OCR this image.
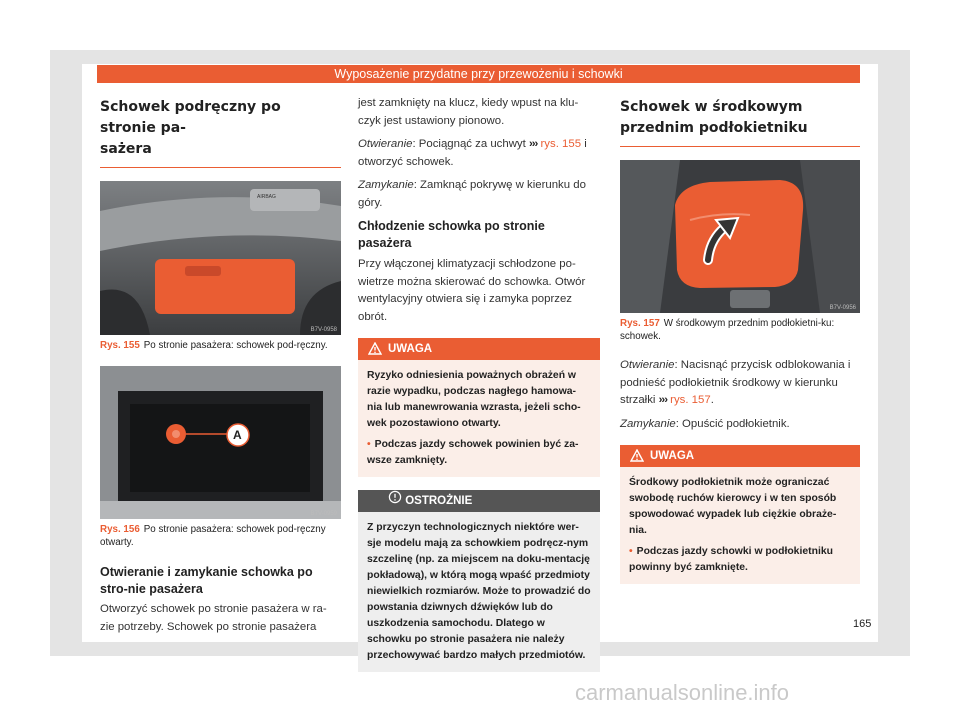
Wyposażenie przydatne przy przewożeniu i schowki
Schowek podręczny po stronie pa-
sażera
AIRBAG
B7V-0958
Rys. 155 Po stronie pasażera: schowek pod-ręczny.
A
B7V-0959
Rys. 156 Po stronie pasażera: schowek pod-ręczny otwarty.
Otwieranie i zamykanie schowka po stro-nie pasażera

Otworzyć schowek po stronie pasażera w ra-zie potrzeby. Schowek po stronie pasażera

jest zamknięty na klucz, kiedy wpust na klu-czyk jest ustawiony pionowo.

Otwieranie: Pociągnąć za uchwyt ››› rys. 155 i otworzyć schowek.

Zamykanie: Zamknąć pokrywę w kierunku do góry.

Chłodzenie schowka po stronie pasażera

Przy włączonej klimatyzacji schłodzone po-wietrze można skierować do schowka. Otwór wentylacyjny otwiera się i zamyka poprzez obrót.

UWAGA
Ryzyko odniesienia poważnych obrażeń w razie wypadku, podczas nagłego hamowa-nia lub manewrowania wzrasta, jeżeli scho-wek pozostawiono otwarty.
• Podczas jazdy schowek powinien być za-wsze zamknięty.
OSTROŻNIE
Z przyczyn technologicznych niektóre wer-sje modelu mają za schowkiem podręcz-nym szczelinę (np. za miejscem na doku-mentację pokładową), w którą mogą wpaść przedmioty niewielkich rozmiarów. Może to prowadzić do powstania dziwnych dźwięków lub do uszkodzenia samochodu. Dlatego w schowku po stronie pasażera nie należy przechowywać bardzo małych przedmiotów.
Schowek w środkowym przednim podłokietniku
B7V-0956
Rys. 157 W środkowym przednim podłokietni-ku: schowek.

Otwieranie: Nacisnąć przycisk odblokowania i podnieść podłokietnik środkowy w kierunku strzałki ››› rys. 157.

Zamykanie: Opuścić podłokietnik.

UWAGA
Środkowy podłokietnik może ograniczać swobodę ruchów kierowcy i w ten sposób spowodować wypadek lub ciężkie obraże-nia.
• Podczas jazdy schowki w podłokietniku powinny być zamknięte.
165
carmanualsonline.info
